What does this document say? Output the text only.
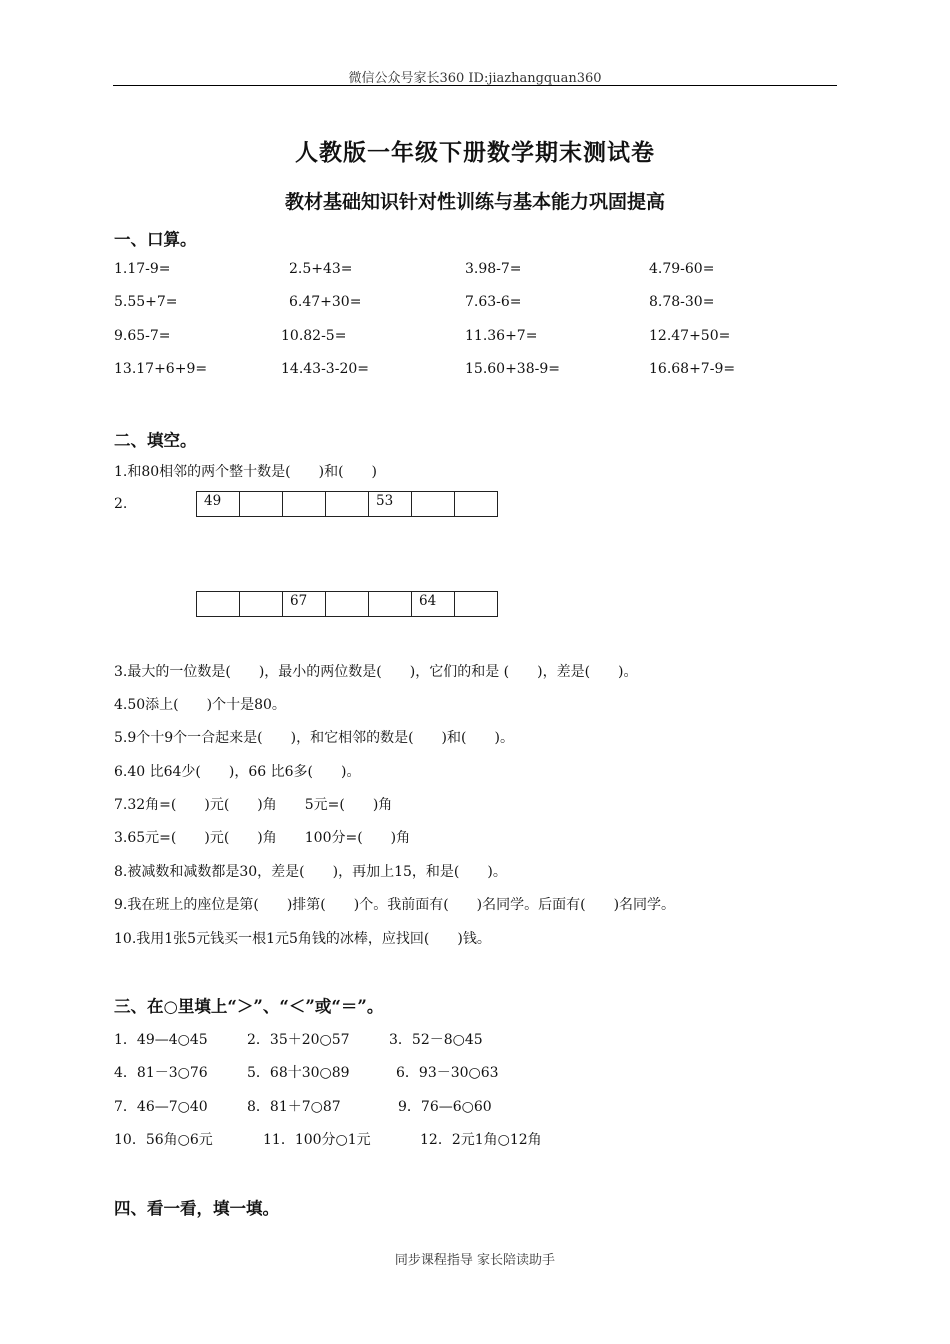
微信公众号家长360 ID:jiazhangquan360
人教版一年级下册数学期末测试卷
教材基础知识针对性训练与基本能力巩固提高
一、口算。
1.17-9=	2.5+43=	3.98-7=	4.79-60=
5.55+7=	6.47+30=	7.63-6=	8.78-30=
9.65-7=	10.82-5=	11.36+7=	12.47+50=
13.17+6+9=	14.43-3-20=	15.60+38-9=	16.68+7-9=
二、填空。
1.和80相邻的两个整十数是(　　)和(　　)
2.	49				53		
		67			64	
3.最大的一位数是(　　)，最小的两位数是(　　)，它们的和是 (　　)，差是(　　)。
4.50添上(　　)个十是80。
5.9个十9个一合起来是(　　)，和它相邻的数是(　　)和(　　)。
6.40 比64少(　　)，66 比6多(　　)。
7.32角=(　　)元(　　)角　　5元=(　　)角
3.65元=(　　)元(　　)角　　100分=(　　)角
8.被减数和减数都是30，差是(　　)，再加上15，和是(　　)。
9.我在班上的座位是第(　　)排第(　　)个。我前面有(　　)名同学。后面有(　　)名同学。
10.我用1张5元钱买一根1元5角钱的冰棒，应找回(　　)钱。
三、在○里填上“＞”、“＜”或“＝”。
1．49—4○45	2．35＋20○57	3．52－8○45
4．81－3○76	5．68十30○89	6．93－30○63
7．46—7○40	8．81＋7○87	9．76—6○60
10．56角○6元	11．100分○1元	12．2元1角○12角
四、看一看，填一填。
同步课程指导 家长陪读助手
